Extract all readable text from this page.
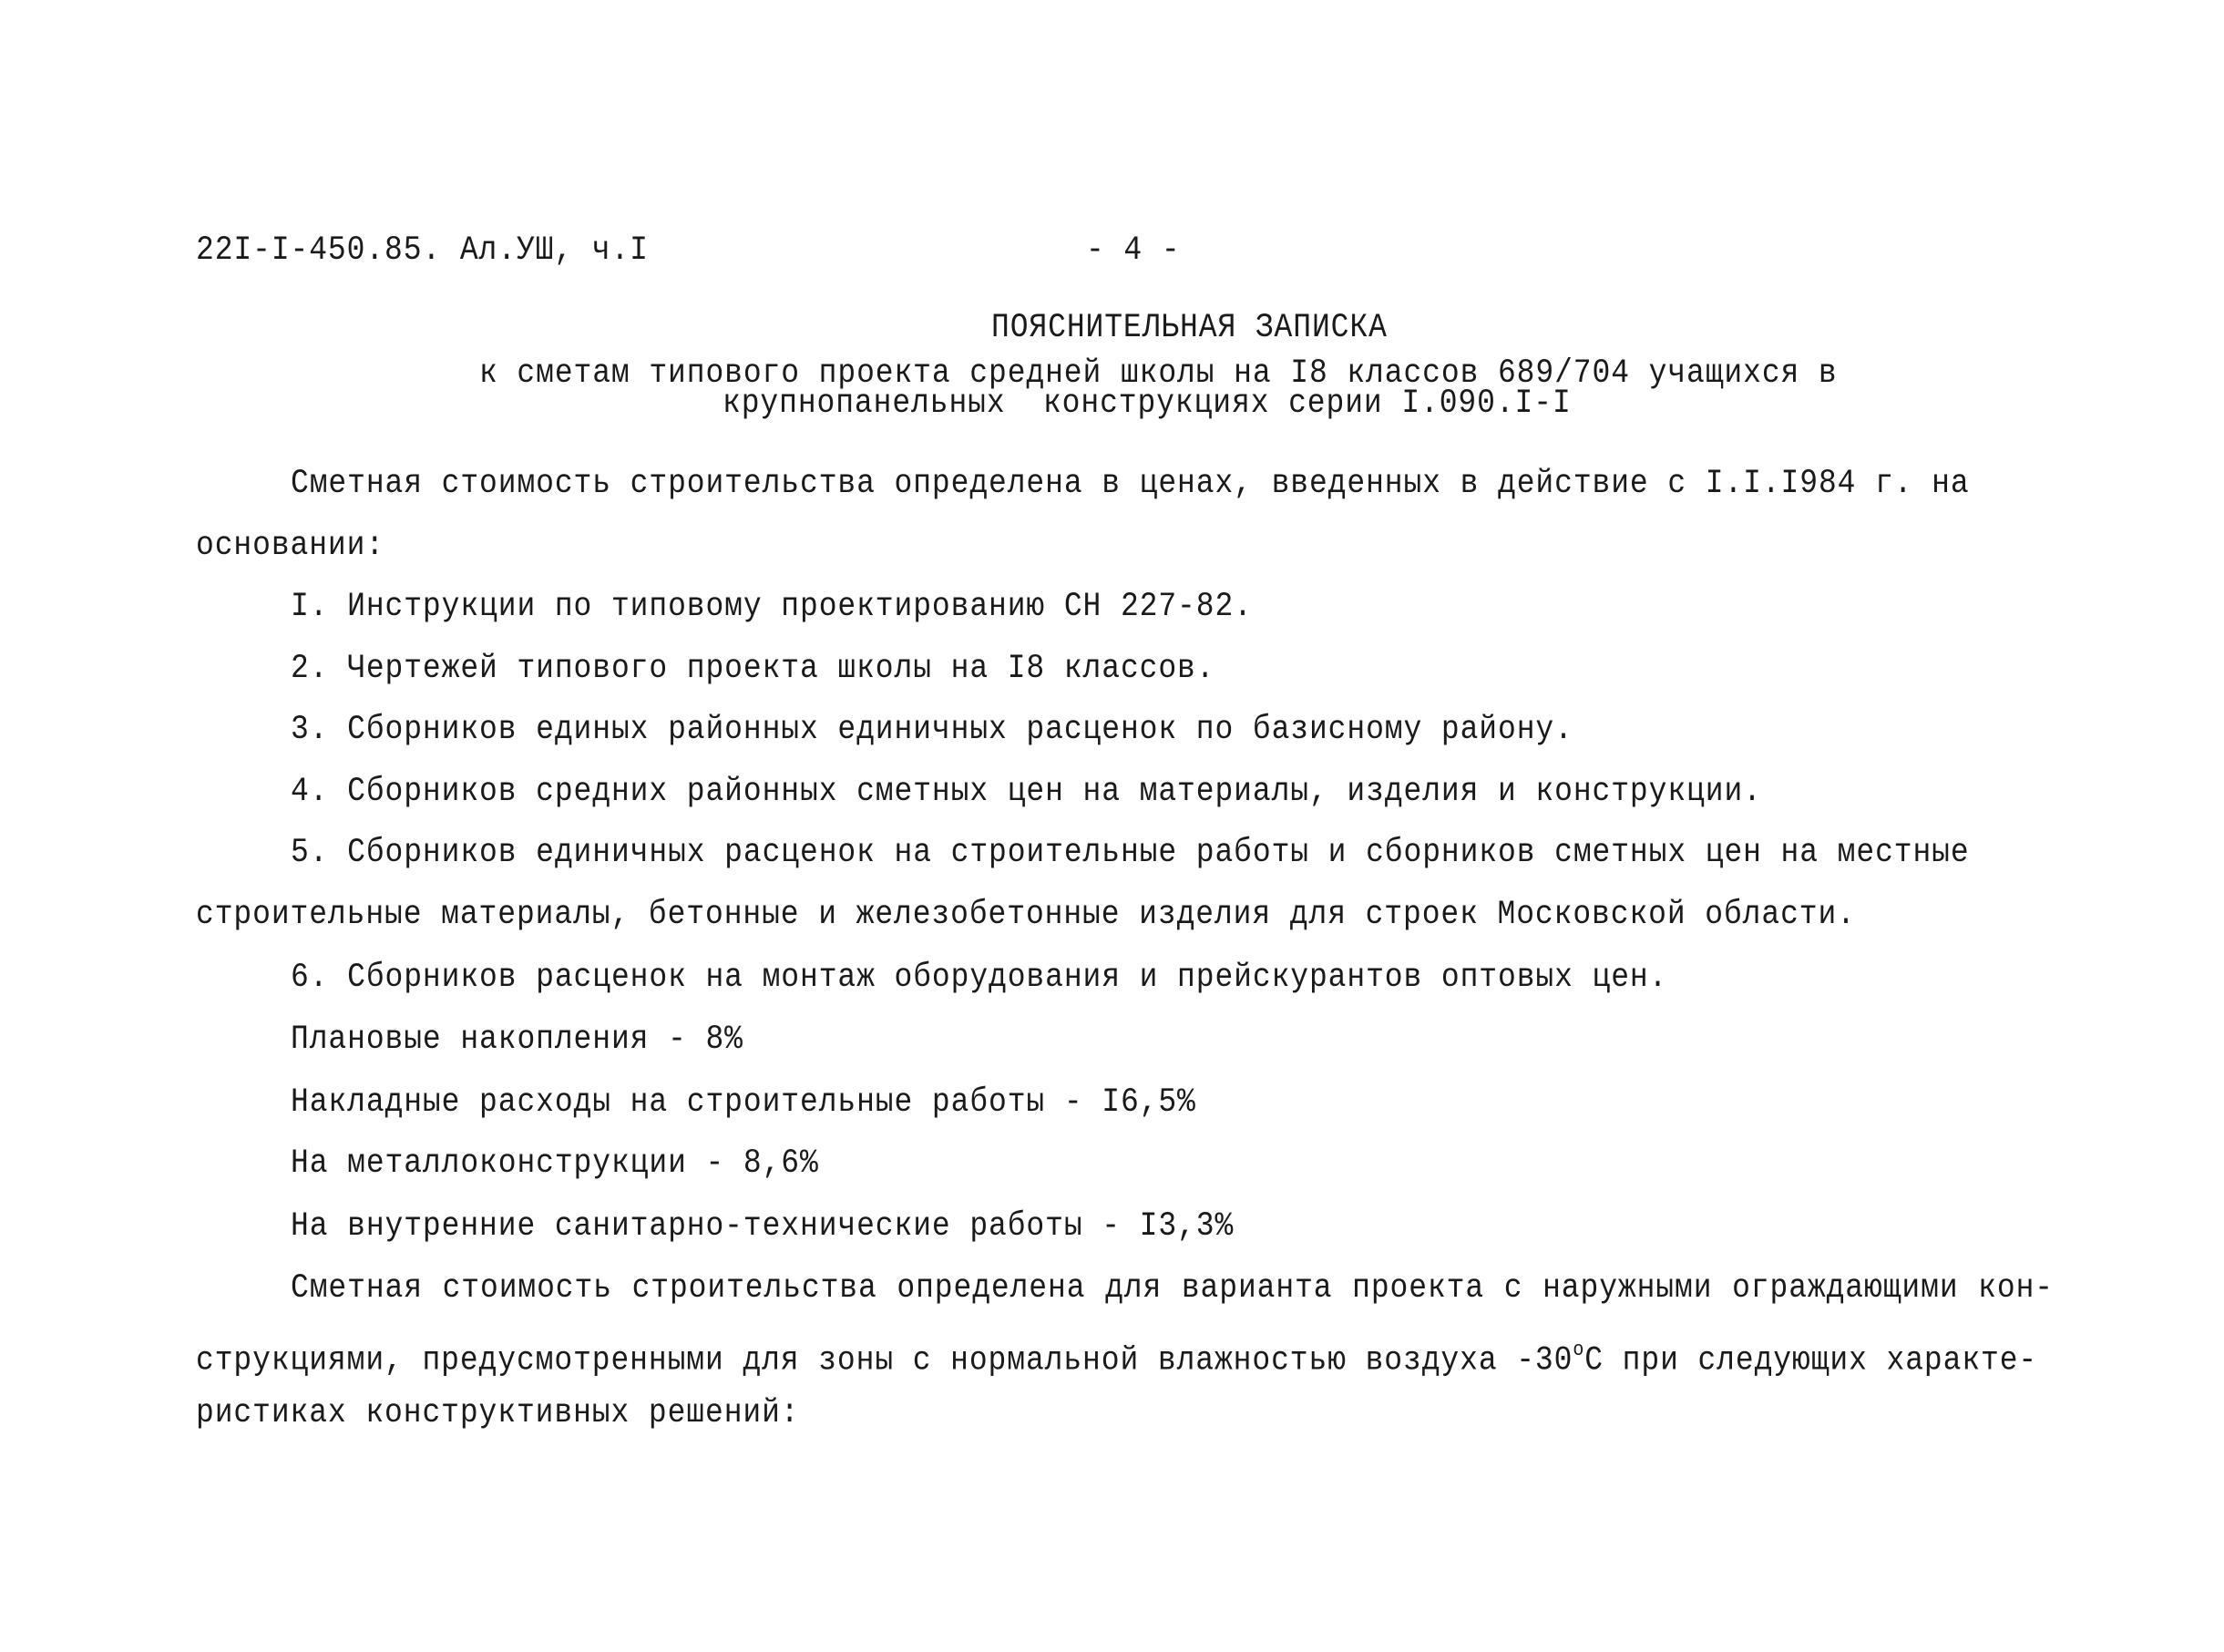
22I-I-450.85. Ал.УШ, ч.I	- 4 -
ПОЯСНИТЕЛЬНАЯ ЗАПИСКА
к сметам типового проекта средней школы на I8 классов 689/704 учащихся в
крупнопанельных  конструкциях серии I.090.I-I
Сметная стоимость строительства определена в ценах, введенных в действие с I.I.I984 г. на
основании:
I. Инструкции по типовому проектированию СН 227-82.
2. Чертежей типового проекта школы на I8 классов.
3. Сборников единых районных единичных расценок по базисному району.
4. Сборников средних районных сметных цен на материалы, изделия и конструкции.
5. Сборников единичных расценок на строительные работы и сборников сметных цен на местные
строительные материалы, бетонные и железобетонные изделия для строек Московской области.
6. Сборников расценок на монтаж оборудования и прейскурантов оптовых цен.
Плановые накопления - 8%
Накладные расходы на строительные работы - I6,5%
На металлоконструкции - 8,6%
На внутренние санитарно-технические работы - I3,3%
Сметная стоимость строительства определена для варианта проекта с наружными ограждающими кон-
струкциями, предусмотренными для зоны с нормальной влажностью воздуха $-30^оС$ при следующих характе-
ристиках конструктивных решений:
